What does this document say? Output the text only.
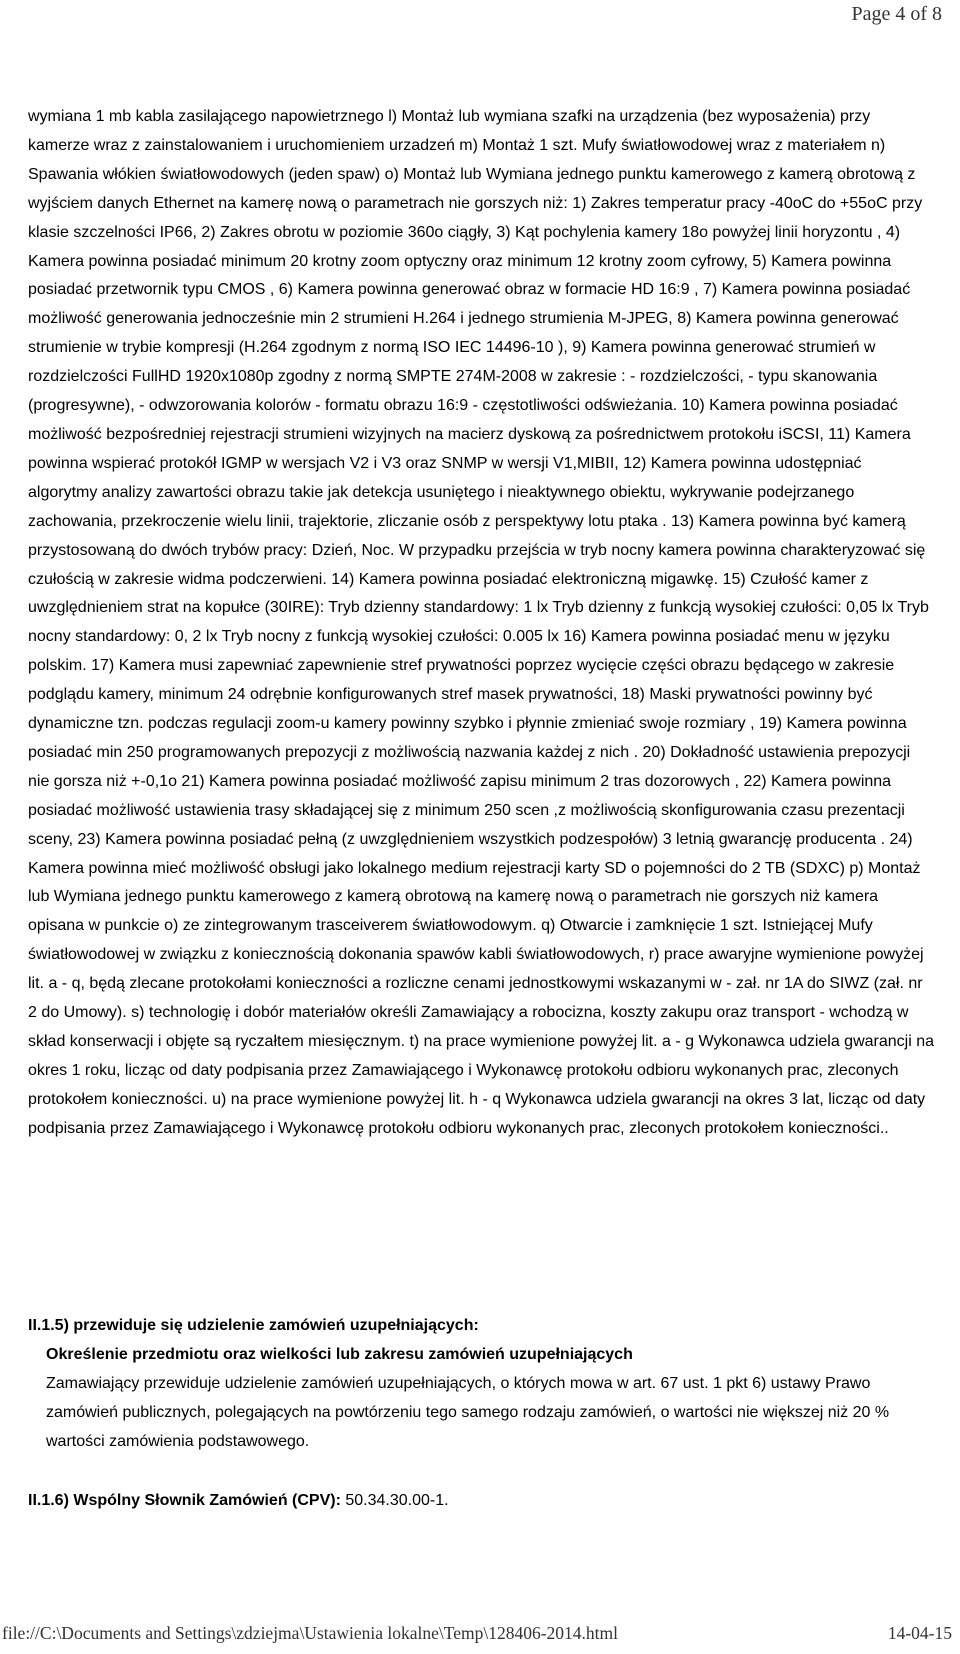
Page 4 of 8

wymiana 1 mb kabla zasilającego napowietrznego l) Montaż lub wymiana szafki na urządzenia (bez wyposażenia) przy kamerze wraz z zainstalowaniem i uruchomieniem urzadzeń m) Montaż 1 szt. Mufy światłowodowej wraz z materiałem n) Spawania włókien światłowodowych (jeden spaw) o) Montaż lub Wymiana jednego punktu kamerowego z kamerą obrotową z wyjściem danych Ethernet na kamerę nową o parametrach nie gorszych niż: 1) Zakres temperatur pracy -40oC do +55oC przy klasie szczelności IP66, 2) Zakres obrotu w poziomie 360o ciągły, 3) Kąt pochylenia kamery 18o powyżej linii horyzontu , 4) Kamera powinna posiadać minimum 20 krotny zoom optyczny oraz minimum 12 krotny zoom cyfrowy, 5) Kamera powinna posiadać przetwornik typu CMOS , 6) Kamera powinna generować obraz w formacie HD 16:9 , 7) Kamera powinna posiadać możliwość generowania jednocześnie min 2 strumieni H.264 i jednego strumienia M-JPEG, 8) Kamera powinna generować strumienie w trybie kompresji (H.264 zgodnym z normą ISO IEC 14496-10 ), 9) Kamera powinna generować strumień w rozdzielczości FullHD 1920x1080p zgodny z normą SMPTE 274M-2008 w zakresie : - rozdzielczości, - typu skanowania (progresywne), - odwzorowania kolorów - formatu obrazu 16:9 - częstotliwości odświeżania. 10) Kamera powinna posiadać możliwość bezpośredniej rejestracji strumieni wizyjnych na macierz dyskową za pośrednictwem protokołu iSCSI, 11) Kamera powinna wspierać protokół IGMP w wersjach V2 i V3 oraz SNMP w wersji V1,MIBII, 12) Kamera powinna udostępniać algorytmy analizy zawartości obrazu takie jak detekcja usuniętego i nieaktywnego obiektu, wykrywanie podejrzanego zachowania, przekroczenie wielu linii, trajektorie, zliczanie osób z perspektywy lotu ptaka . 13) Kamera powinna być kamerą przystosowaną do dwóch trybów pracy: Dzień, Noc. W przypadku przejścia w tryb nocny kamera powinna charakteryzować się czułością w zakresie widma podczerwieni. 14) Kamera powinna posiadać elektroniczną migawkę. 15) Czułość kamer z uwzględnieniem strat na kopułce (30IRE): Tryb dzienny standardowy: 1 lx Tryb dzienny z funkcją wysokiej czułości: 0,05 lx Tryb nocny standardowy: 0, 2 lx Tryb nocny z funkcją wysokiej czułości: 0.005 lx 16) Kamera powinna posiadać menu w języku polskim. 17) Kamera musi zapewniać zapewnienie stref prywatności poprzez wycięcie części obrazu będącego w zakresie podglądu kamery, minimum 24 odrębnie konfigurowanych stref masek prywatności, 18) Maski prywatności powinny być dynamiczne tzn. podczas regulacji zoom-u kamery powinny szybko i płynnie zmieniać swoje rozmiary , 19) Kamera powinna posiadać min 250 programowanych prepozycji z możliwością nazwania każdej z nich . 20) Dokładność ustawienia prepozycji nie gorsza niż +-0,1o 21) Kamera powinna posiadać możliwość zapisu minimum 2 tras dozorowych , 22) Kamera powinna posiadać możliwość ustawienia trasy składającej się z minimum 250 scen ,z możliwością skonfigurowania czasu prezentacji sceny, 23) Kamera powinna posiadać pełną (z uwzględnieniem wszystkich podzespołów) 3 letnią gwarancję producenta . 24) Kamera powinna mieć możliwość obsługi jako lokalnego medium rejestracji karty SD o pojemności do 2 TB (SDXC) p) Montaż lub Wymiana jednego punktu kamerowego z kamerą obrotową na kamerę nową o parametrach nie gorszych niż kamera opisana w punkcie o) ze zintegrowanym trasceiverem światłowodowym. q) Otwarcie i zamknięcie 1 szt. Istniejącej Mufy światłowodowej w związku z koniecznością dokonania spawów kabli światłowodowych, r) prace awaryjne wymienione powyżej lit. a - q, będą zlecane protokołami konieczności a rozliczne cenami jednostkowymi wskazanymi w - zał. nr 1A do SIWZ (zał. nr 2 do Umowy). s) technologię i dobór materiałów określi Zamawiający a robocizna, koszty zakupu oraz transport - wchodzą w skład konserwacji i objęte są ryczałtem miesięcznym. t) na prace wymienione powyżej lit. a - g Wykonawca udziela gwarancji na okres 1 roku, licząc od daty podpisania przez Zamawiającego i Wykonawcę protokołu odbioru wykonanych prac, zleconych protokołem konieczności. u) na prace wymienione powyżej lit. h - q Wykonawca udziela gwarancji na okres 3 lat, licząc od daty podpisania przez Zamawiającego i Wykonawcę protokołu odbioru wykonanych prac, zleconych protokołem konieczności..

II.1.5) przewiduje się udzielenie zamówień uzupełniających:
Określenie przedmiotu oraz wielkości lub zakresu zamówień uzupełniających
Zamawiający przewiduje udzielenie zamówień uzupełniających, o których mowa w art. 67 ust. 1 pkt 6) ustawy Prawo zamówień publicznych, polegających na powtórzeniu tego samego rodzaju zamówień, o wartości nie większej niż 20 % wartości zamówienia podstawowego.
II.1.6) Wspólny Słownik Zamówień (CPV): 50.34.30.00-1.
file://C:\Documents and Settings\zdziejma\Ustawienia lokalne\Temp\128406-2014.html	14-04-15
